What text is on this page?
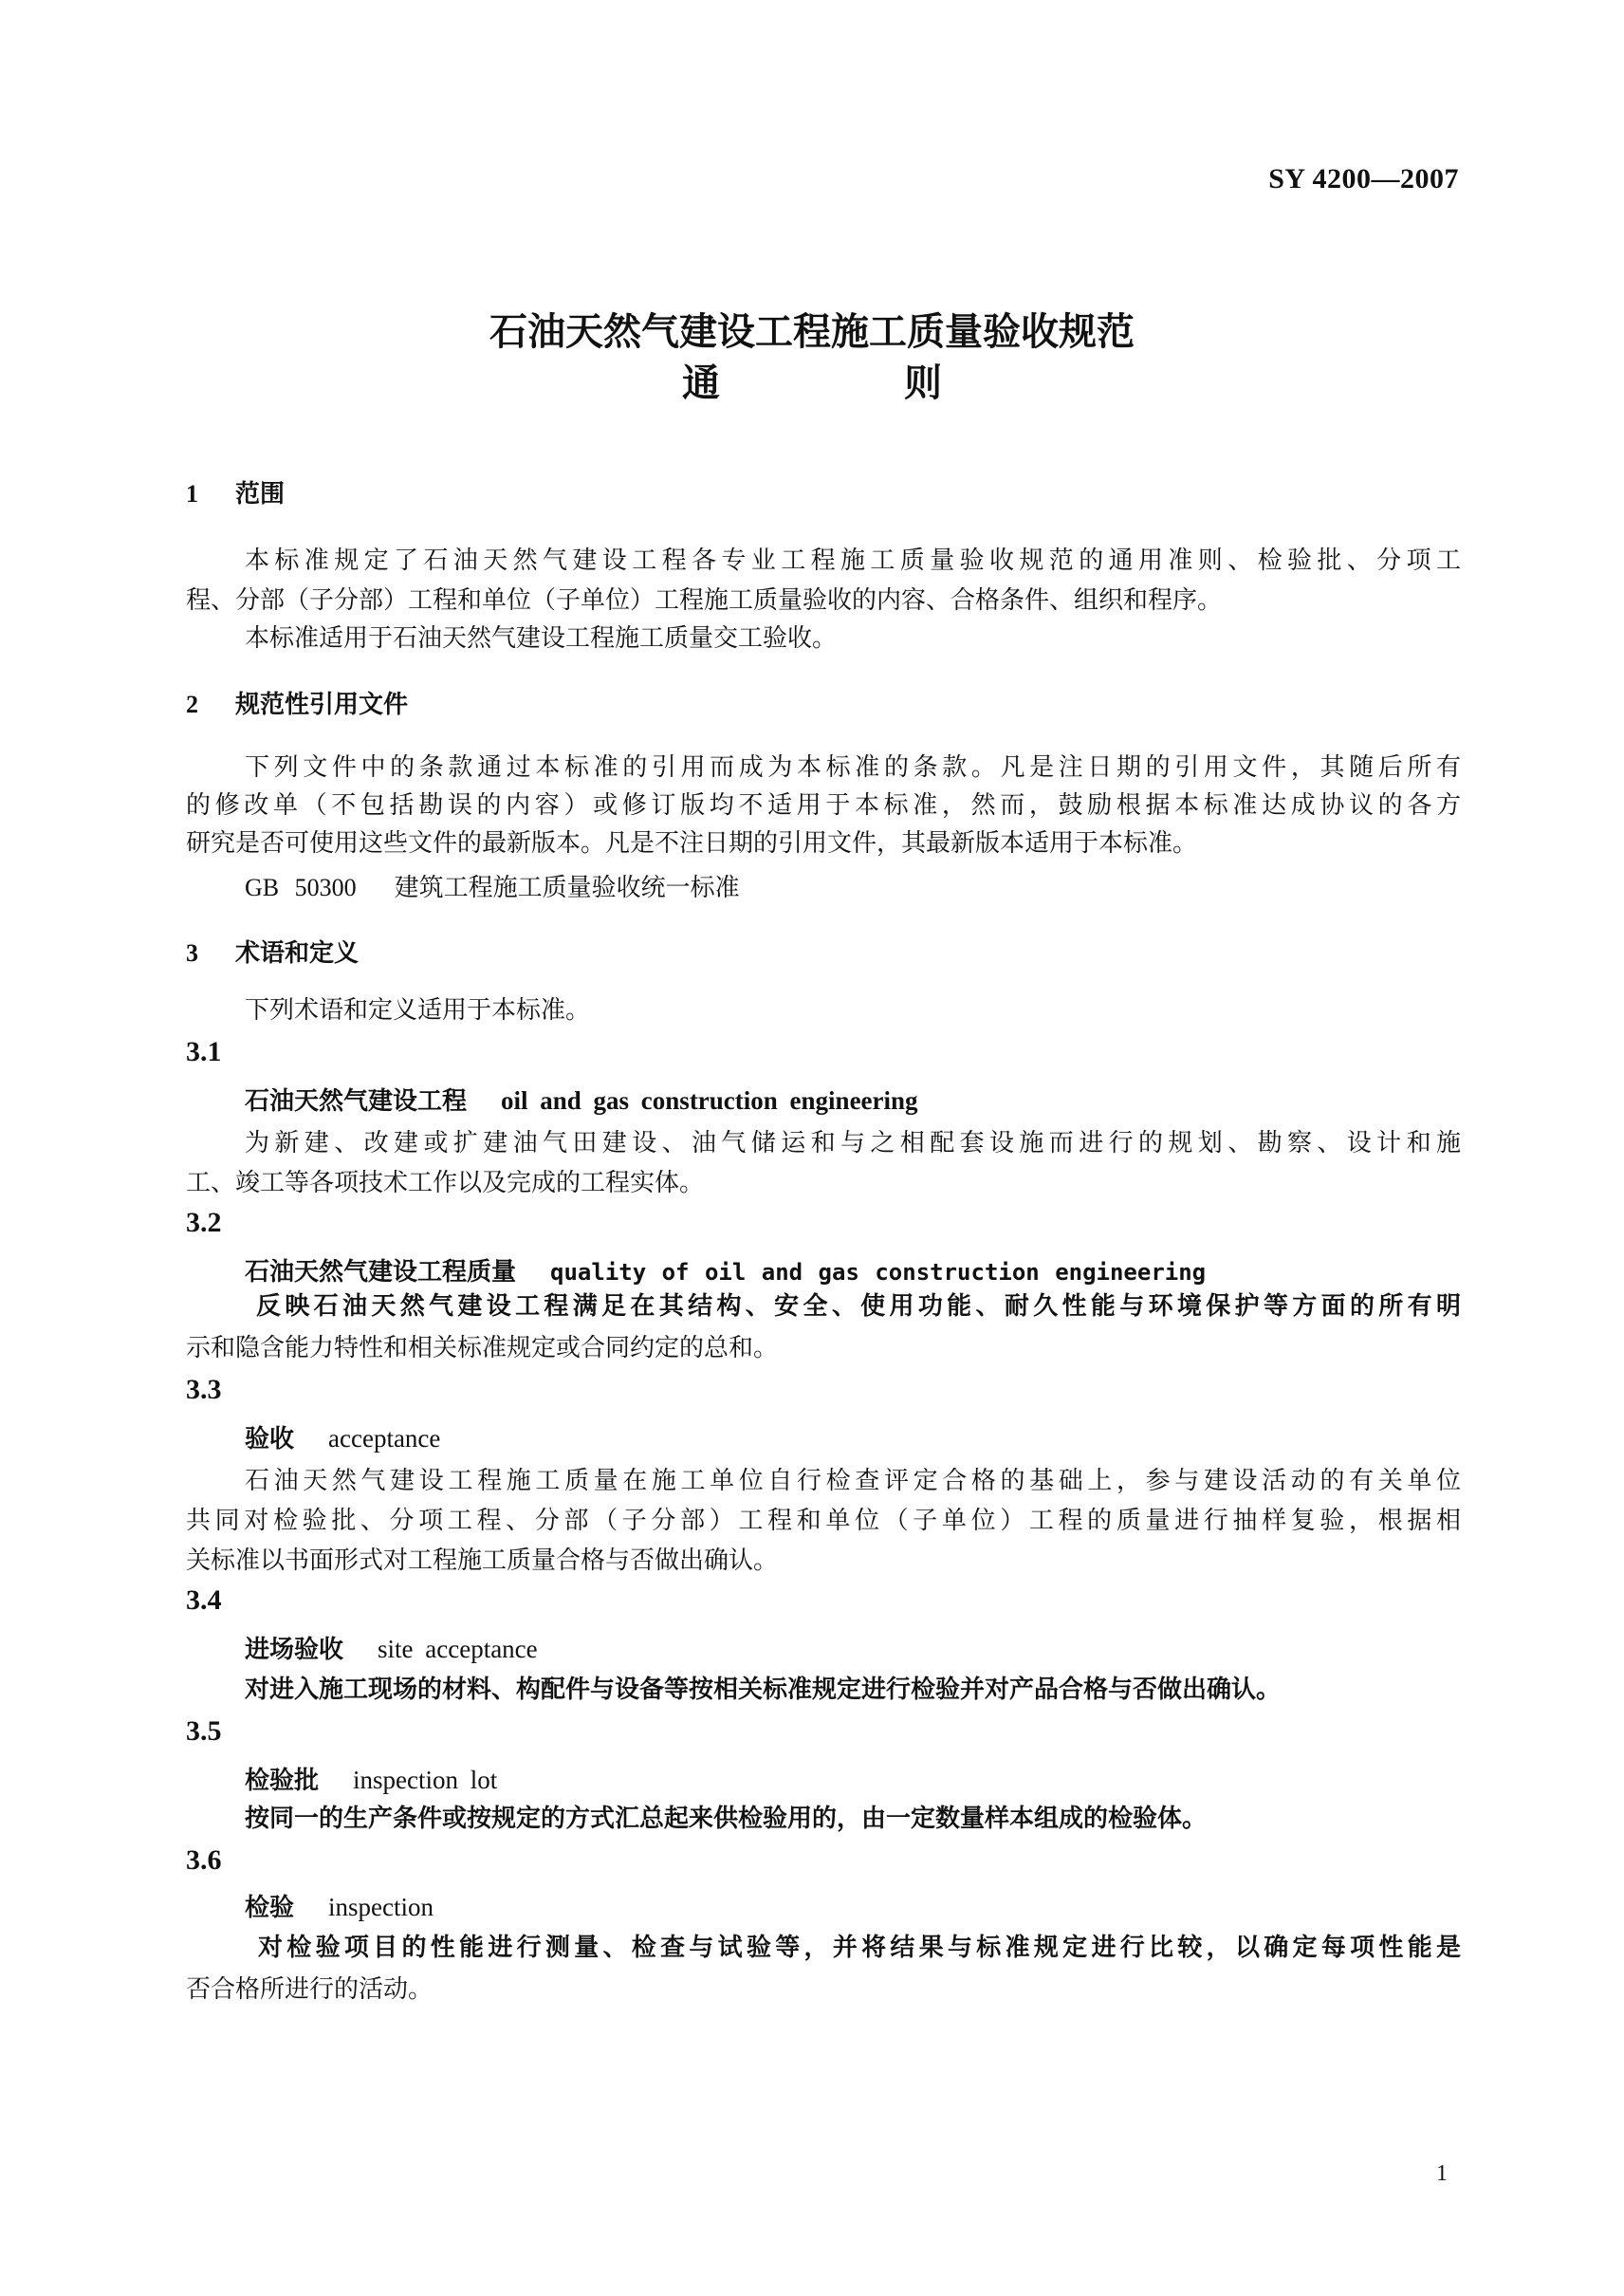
SY 4200—2007
石油天然气建设工程施工质量验收规范
通 则
1 范围
本标准规定了石油天然气建设工程各专业工程施工质量验收规范的通用准则、检验批、分项工
程、分部（子分部）工程和单位（子单位）工程施工质量验收的内容、合格条件、组织和程序。
本标准适用于石油天然气建设工程施工质量交工验收。
2 规范性引用文件
下列文件中的条款通过本标准的引用而成为本标准的条款。凡是注日期的引用文件，其随后所有
的修改单（不包括勘误的内容）或修订版均不适用于本标准，然而，鼓励根据本标准达成协议的各方
研究是否可使用这些文件的最新版本。凡是不注日期的引用文件，其最新版本适用于本标准。
GB 50300 建筑工程施工质量验收统一标准
3 术语和定义
下列术语和定义适用于本标准。
3.1
石油天然气建设工程 oil and gas construction engineering
为新建、改建或扩建油气田建设、油气储运和与之相配套设施而进行的规划、勘察、设计和施
工、竣工等各项技术工作以及完成的工程实体。
3.2
石油天然气建设工程质量 quality of oil and gas construction engineering
反映石油天然气建设工程满足在其结构、安全、使用功能、耐久性能与环境保护等方面的所有明
示和隐含能力特性和相关标准规定或合同约定的总和。
3.3
验收 acceptance
石油天然气建设工程施工质量在施工单位自行检查评定合格的基础上，参与建设活动的有关单位
共同对检验批、分项工程、分部（子分部）工程和单位（子单位）工程的质量进行抽样复验，根据相
关标准以书面形式对工程施工质量合格与否做出确认。
3.4
进场验收 site acceptance
对进入施工现场的材料、构配件与设备等按相关标准规定进行检验并对产品合格与否做出确认。
3.5
检验批 inspection lot
按同一的生产条件或按规定的方式汇总起来供检验用的，由一定数量样本组成的检验体。
3.6
检验 inspection
对检验项目的性能进行测量、检查与试验等，并将结果与标准规定进行比较，以确定每项性能是
否合格所进行的活动。
1
